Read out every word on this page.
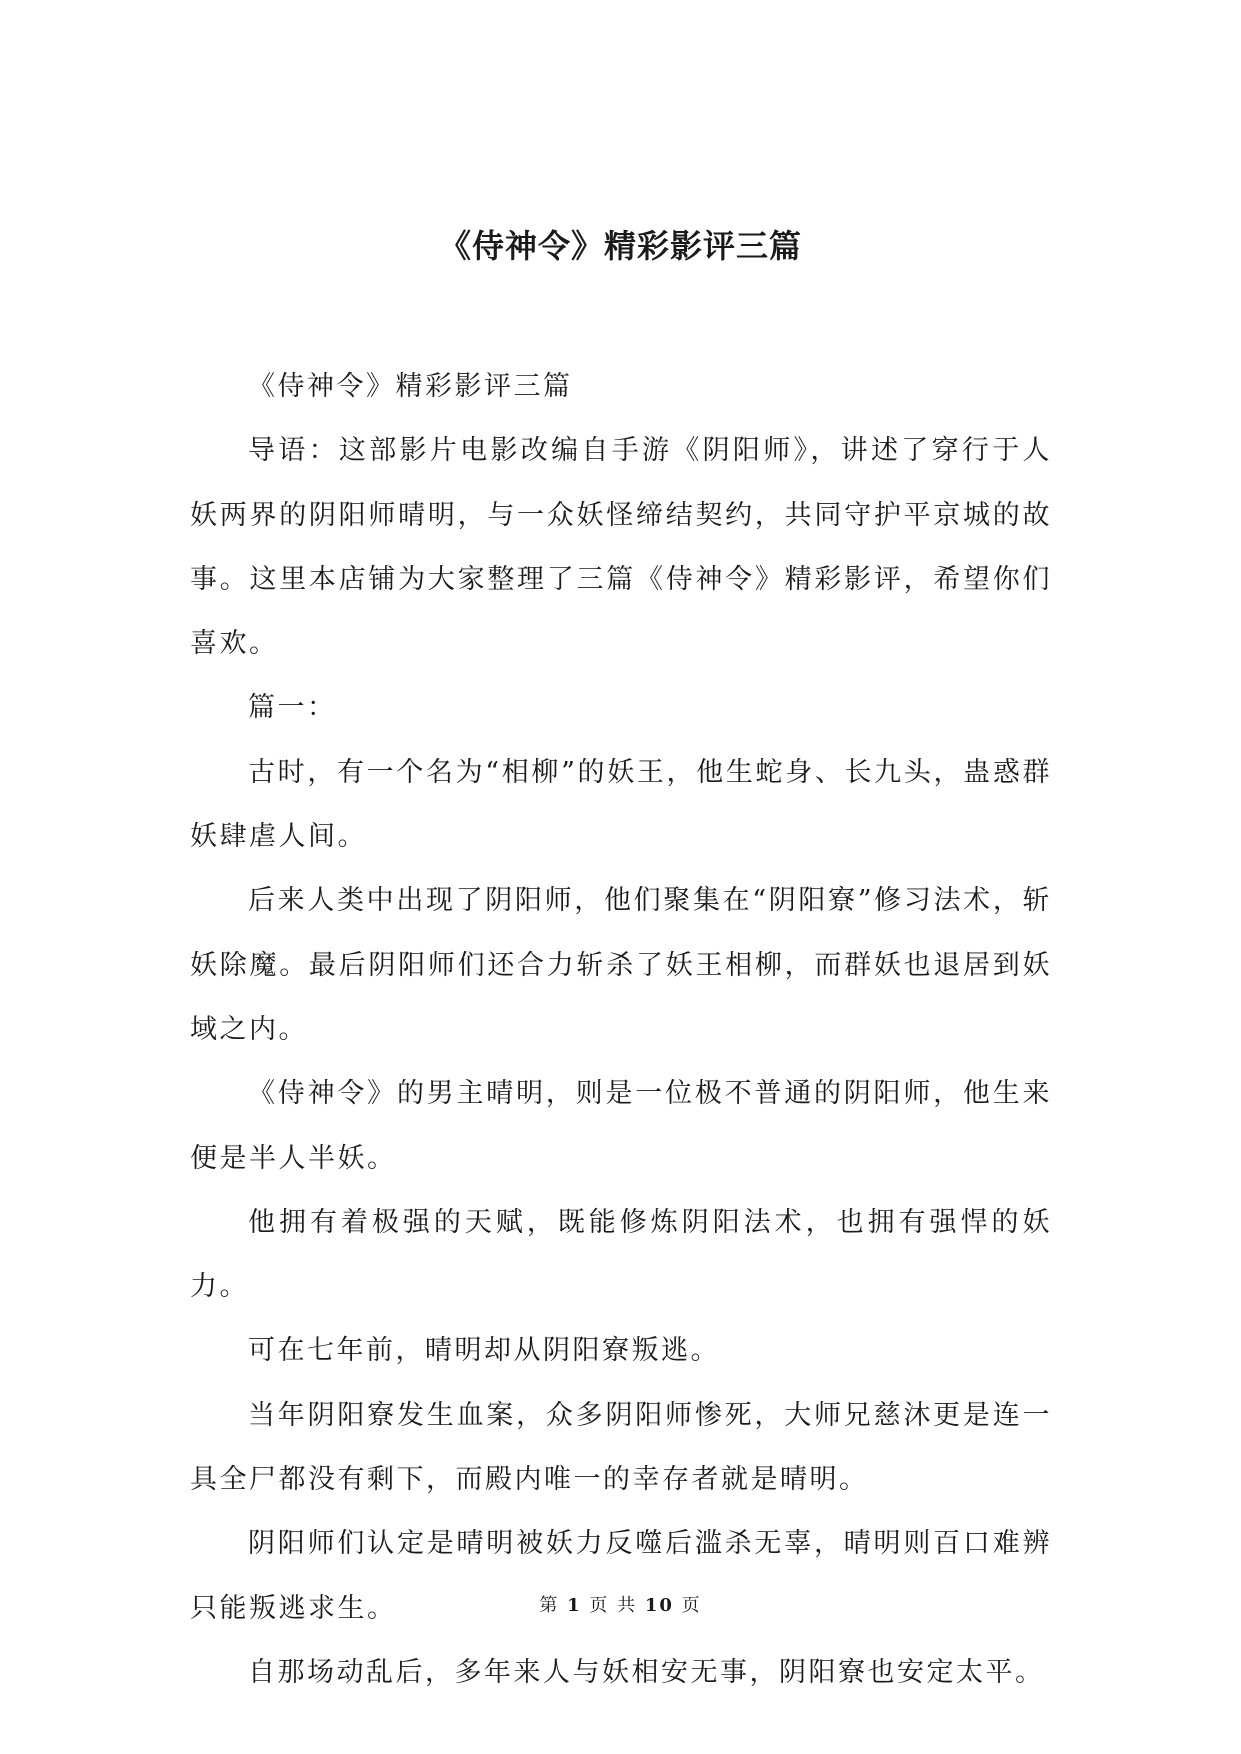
《侍神令》精彩影评三篇

《侍神令》精彩影评三篇

导语：这部影片电影改编自手游《阴阳师》，讲述了穿行于人妖两界的阴阳师晴明，与一众妖怪缔结契约，共同守护平京城的故事。这里本店铺为大家整理了三篇《侍神令》精彩影评，希望你们喜欢。

篇一：

古时，有一个名为“相柳”的妖王，他生蛇身、长九头，蛊惑群妖肆虐人间。

后来人类中出现了阴阳师，他们聚集在“阴阳寮”修习法术，斩妖除魔。最后阴阳师们还合力斩杀了妖王相柳，而群妖也退居到妖域之内。

《侍神令》的男主晴明，则是一位极不普通的阴阳师，他生来便是半人半妖。

他拥有着极强的天赋，既能修炼阴阳法术，也拥有强悍的妖力。

可在七年前，晴明却从阴阳寮叛逃。

当年阴阳寮发生血案，众多阴阳师惨死，大师兄慈沐更是连一具全尸都没有剩下，而殿内唯一的幸存者就是晴明。

阴阳师们认定是晴明被妖力反噬后滥杀无辜，晴明则百口难辨只能叛逃求生。

自那场动乱后，多年来人与妖相安无事，阴阳寮也安定太平。

第 1 页 共 10 页
